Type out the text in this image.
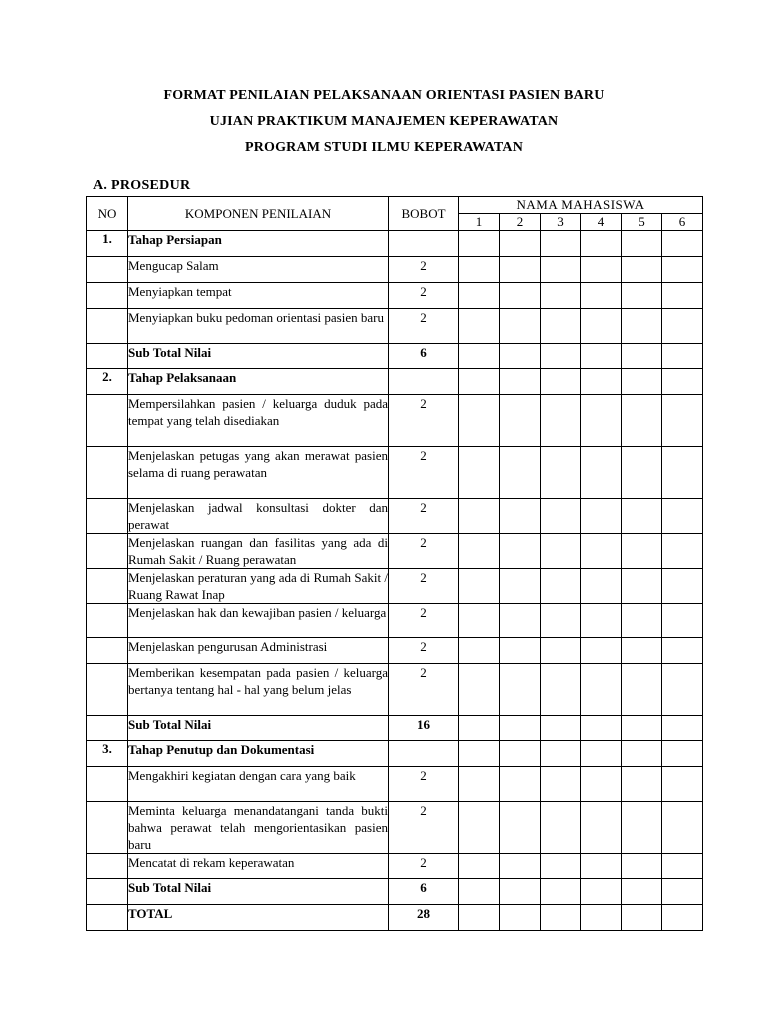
FORMAT PENILAIAN PELAKSANAAN ORIENTASI PASIEN BARU
UJIAN PRAKTIKUM MANAJEMEN KEPERAWATAN
PROGRAM STUDI ILMU KEPERAWATAN
A. PROSEDUR
NO	KOMPONEN PENILAIAN	BOBOT	NAMA MAHASISWA					
			1	2	3	4	5	6
1.	Tahap Persiapan							
	Mengucap Salam	2						
	Menyiapkan tempat	2						
	Menyiapkan buku pedoman orientasi pasien baru	2						
	Sub Total Nilai	6						
2.	Tahap Pelaksanaan							
	Mempersilahkan pasien / keluarga duduk pada tempat yang telah disediakan	2						
	Menjelaskan petugas yang akan merawat pasien selama di ruang perawatan	2						
	Menjelaskan jadwal konsultasi dokter dan perawat	2						
	Menjelaskan ruangan dan fasilitas yang ada di Rumah Sakit / Ruang perawatan	2						
	Menjelaskan peraturan yang ada di Rumah Sakit / Ruang Rawat Inap	2						
	Menjelaskan hak dan kewajiban pasien / keluarga	2						
	Menjelaskan pengurusan Administrasi	2						
	Memberikan kesempatan pada pasien / keluarga bertanya tentang hal - hal yang belum jelas	2						
	Sub Total Nilai	16						
3.	Tahap Penutup dan Dokumentasi							
	Mengakhiri kegiatan dengan cara yang baik	2						
	Meminta keluarga menandatangani tanda bukti bahwa perawat telah mengorientasikan pasien baru	2						
	Mencatat di rekam keperawatan	2						
	Sub Total Nilai	6						
	TOTAL	28						
